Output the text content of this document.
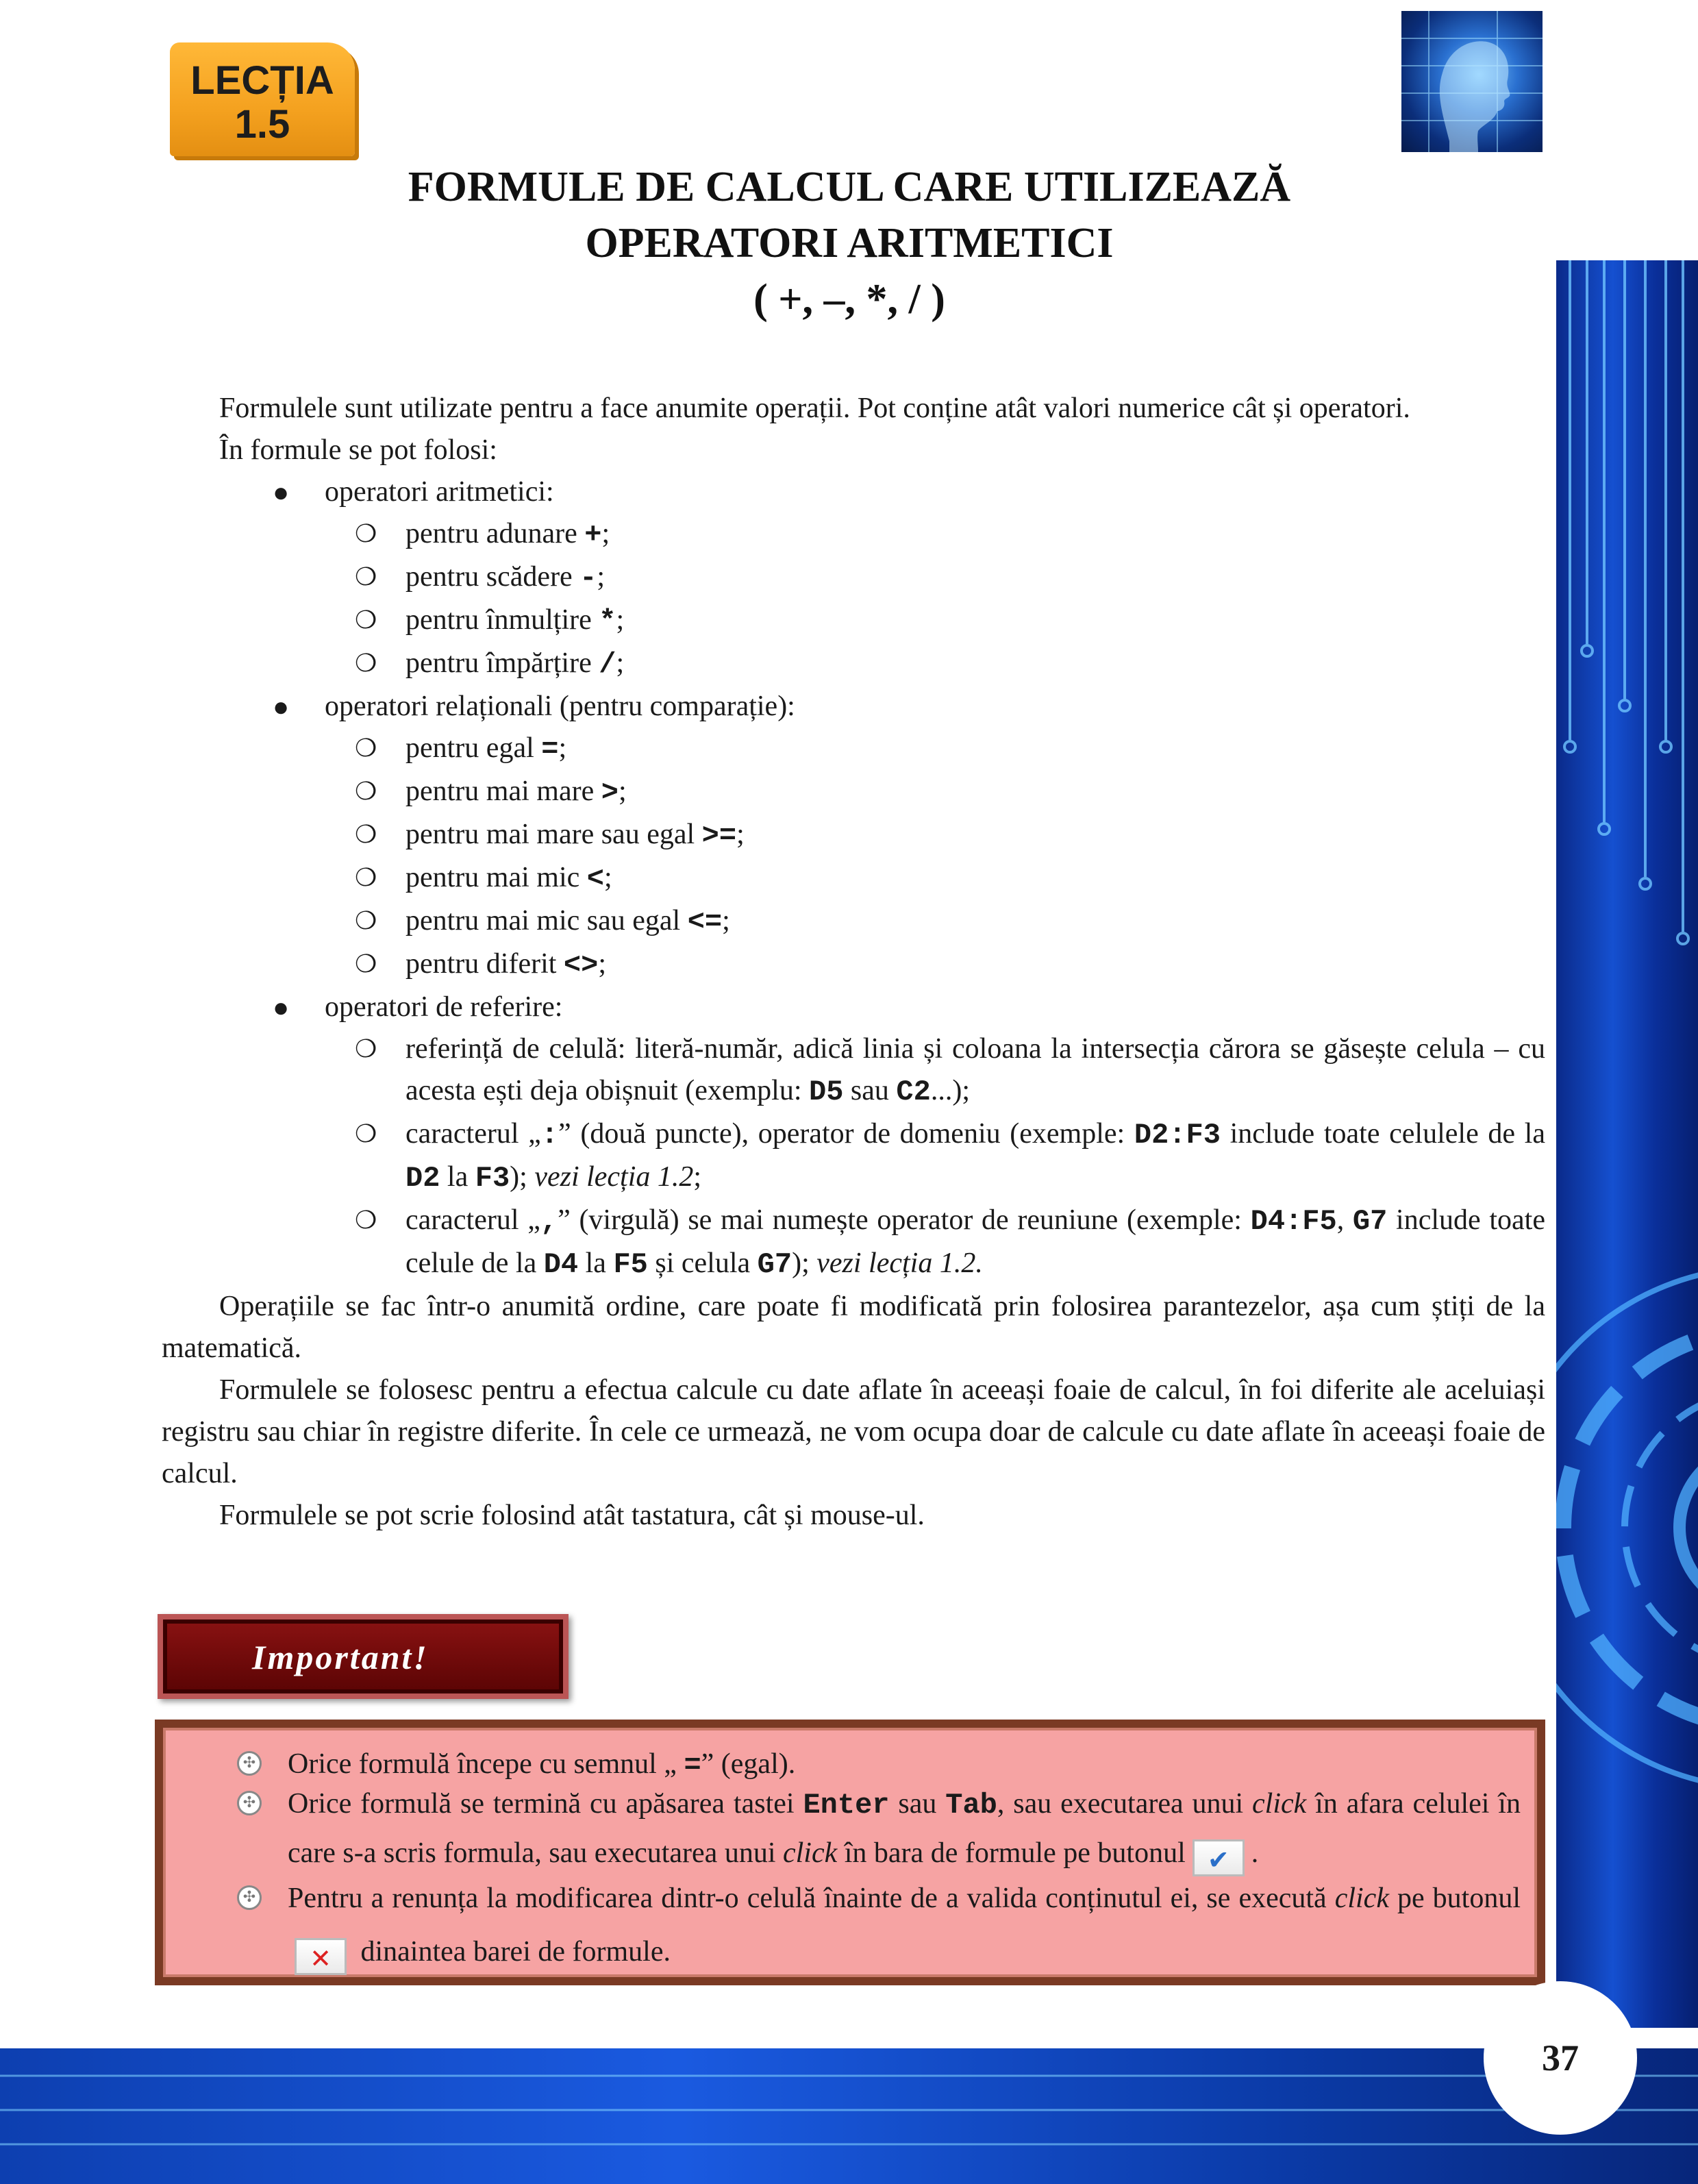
LECȚIA
1.5
FORMULE DE CALCUL CARE UTILIZEAZĂ
OPERATORI ARITMETICI
( +, –, *, / )

Formulele sunt utilizate pentru a face anumite operații. Pot conține atât valori numerice cât și operatori.

În formule se pot folosi:

● operatori aritmetici:

❍ pentru adunare +;

❍ pentru scădere -;

❍ pentru înmulțire *;

❍ pentru împărțire /;

● operatori relaționali (pentru comparație):

❍ pentru egal =;

❍ pentru mai mare >;

❍ pentru mai mare sau egal >=;

❍ pentru mai mic <;

❍ pentru mai mic sau egal <=;

❍ pentru diferit <>;

● operatori de referire:

❍ referință de celulă: literă-număr, adică linia și coloana la intersecția cărora se găsește celula – cu acesta ești deja obișnuit (exemplu: D5 sau C2...);

❍ caracterul „:” (două puncte), operator de domeniu (exemple: D2:F3 include toate celulele de la D2 la F3); vezi lecția 1.2;

❍ caracterul „,” (virgulă) se mai numește operator de reuniune (exemple: D4:F5, G7 include toate celule de la D4 la F5 și celula G7); vezi lecția 1.2.

Operațiile se fac într-o anumită ordine, care poate fi modificată prin folosirea parantezelor, așa cum știți de la matematică.

Formulele se folosesc pentru a efectua calcule cu date aflate în aceeași foaie de calcul, în foi diferite ale aceluiași registru sau chiar în registre diferite. În cele ce urmează, ne vom ocupa doar de calcule cu date aflate în aceeași foaie de calcul.

Formulele se pot scrie folosind atât tastatura, cât și mouse-ul.

Important!
✣ Orice formulă începe cu semnul „ =” (egal).
✣ Orice formulă se termină cu apăsarea tastei Enter sau Tab, sau executarea unui click în afara celulei în care s-a scris formula, sau executarea unui click în bara de formule pe butonul ✔ .
✣ Pentru a renunța la modificarea dintr-o celulă înainte de a valida conținutul ei, se execută click pe butonul✕ dinaintea barei de formule.
37
